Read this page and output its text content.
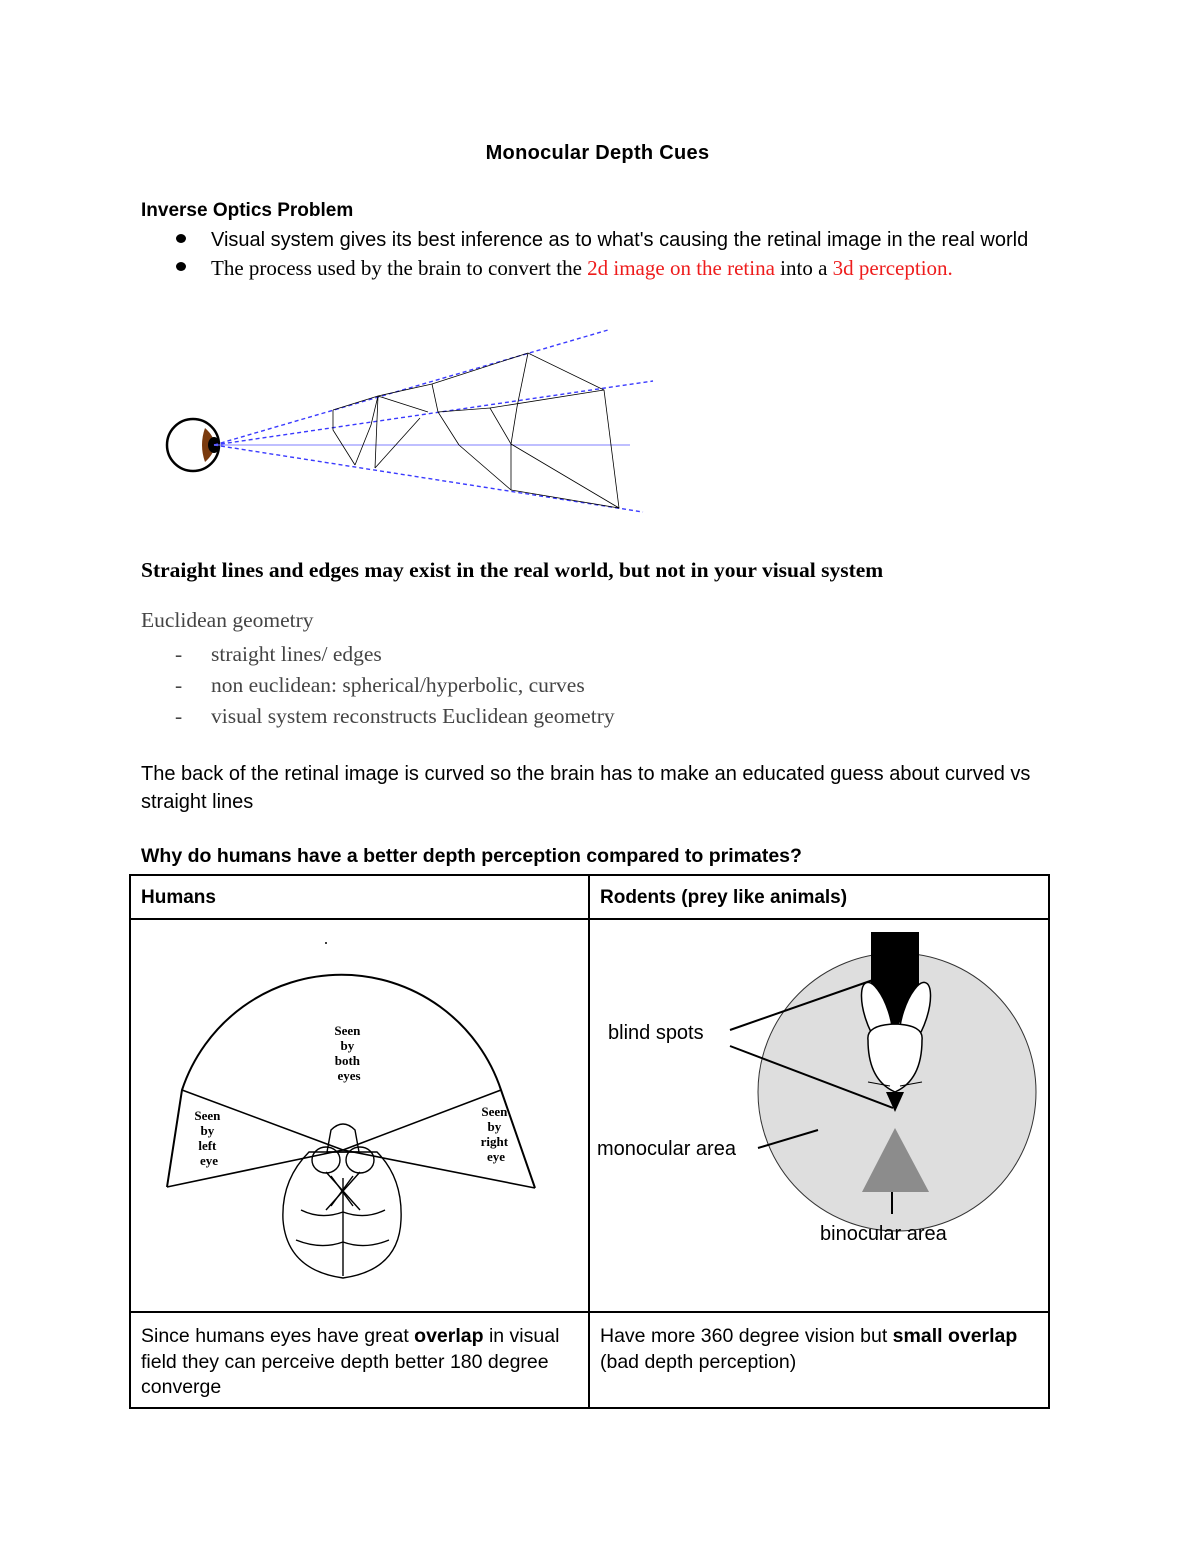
Monocular Depth Cues
Inverse Optics Problem
Visual system gives its best inference as to what's causing the retinal image in the real world
The process used by the brain to convert the 2d image on the retina into a 3d perception.
Straight lines and edges may exist in the real world, but not in your visual system
Euclidean geometry
- straight lines/ edges
- non euclidean: spherical/hyperbolic, curves
- visual system reconstructs Euclidean geometry
The back of the retinal image is curved so the brain has to make an educated guess about curved vs straight lines
Why do humans have a better depth perception compared to primates?
Humans	Rodents (prey like animals)

Seen by both eyes
Seen by left eye
Seen by right eye	blind spots
monocular area
binocular area

Since humans eyes have great overlap in visual field they can perceive depth better 180 degree converge	Have more 360 degree vision but small overlap (bad depth perception)
